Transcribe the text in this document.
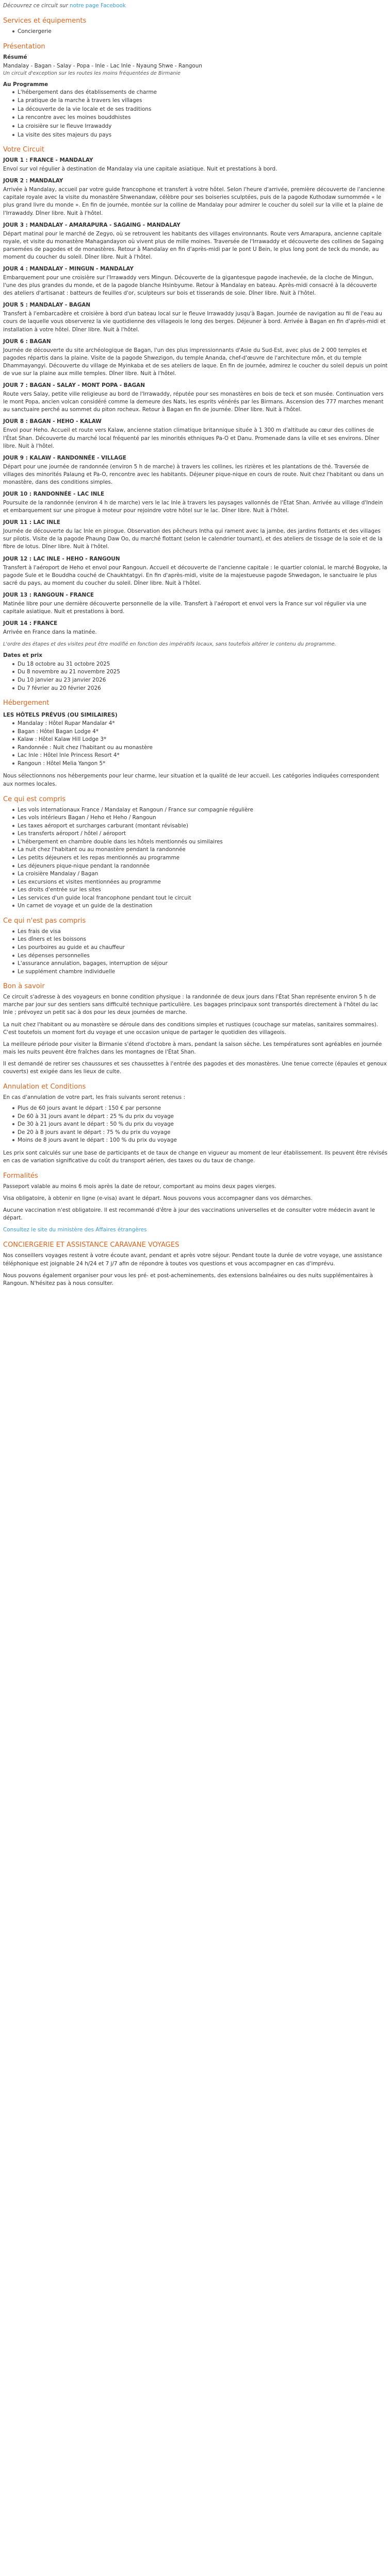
Découvrez ce circuit sur notre page Facebook

Services et équipements
Conciergerie
Présentation
Résumé
Mandalay - Bagan - Salay - Popa - Inle - Lac Inle - Nyaung Shwe - Rangoun
Un circuit d'exception sur les routes les moins fréquentées de Birmanie
Au Programme
L'hébergement dans des établissements de charme
La pratique de la marche à travers les villages
La découverte de la vie locale et de ses traditions
La rencontre avec les moines bouddhistes
La croisière sur le fleuve Irrawaddy
La visite des sites majeurs du pays
Votre Circuit
JOUR 1 : FRANCE - MANDALAY
Envol sur vol régulier à destination de Mandalay via une capitale asiatique. Nuit et prestations à bord.
JOUR 2 : MANDALAY
Arrivée à Mandalay, accueil par votre guide francophone et transfert à votre hôtel. Selon l'heure d'arrivée, première découverte de l'ancienne capitale royale avec la visite du monastère Shwenandaw, célèbre pour ses boiseries sculptées, puis de la pagode Kuthodaw surnommée « le plus grand livre du monde ». En fin de journée, montée sur la colline de Mandalay pour admirer le coucher du soleil sur la ville et la plaine de l'Irrawaddy. Dîner libre. Nuit à l'hôtel.
JOUR 3 : MANDALAY - AMARAPURA - SAGAING - MANDALAY
Départ matinal pour le marché de Zegyo, où se retrouvent les habitants des villages environnants. Route vers Amarapura, ancienne capitale royale, et visite du monastère Mahagandayon où vivent plus de mille moines. Traversée de l'Irrawaddy et découverte des collines de Sagaing parsemées de pagodes et de monastères. Retour à Mandalay en fin d'après-midi par le pont U Bein, le plus long pont de teck du monde, au moment du coucher du soleil. Dîner libre. Nuit à l'hôtel.
JOUR 4 : MANDALAY - MINGUN - MANDALAY
Embarquement pour une croisière sur l'Irrawaddy vers Mingun. Découverte de la gigantesque pagode inachevée, de la cloche de Mingun, l'une des plus grandes du monde, et de la pagode blanche Hsinbyume. Retour à Mandalay en bateau. Après-midi consacré à la découverte des ateliers d'artisanat : batteurs de feuilles d'or, sculpteurs sur bois et tisserands de soie. Dîner libre. Nuit à l'hôtel.
JOUR 5 : MANDALAY - BAGAN
Transfert à l'embarcadère et croisière à bord d'un bateau local sur le fleuve Irrawaddy jusqu'à Bagan. Journée de navigation au fil de l'eau au cours de laquelle vous observerez la vie quotidienne des villageois le long des berges. Déjeuner à bord. Arrivée à Bagan en fin d'après-midi et installation à votre hôtel. Dîner libre. Nuit à l'hôtel.
JOUR 6 : BAGAN
Journée de découverte du site archéologique de Bagan, l'un des plus impressionnants d'Asie du Sud-Est, avec plus de 2 000 temples et pagodes répartis dans la plaine. Visite de la pagode Shwezigon, du temple Ananda, chef-d'œuvre de l'architecture môn, et du temple Dhammayangyi. Découverte du village de Myinkaba et de ses ateliers de laque. En fin de journée, admirez le coucher du soleil depuis un point de vue sur la plaine aux mille temples. Dîner libre. Nuit à l'hôtel.
JOUR 7 : BAGAN - SALAY - MONT POPA - BAGAN
Route vers Salay, petite ville religieuse au bord de l'Irrawaddy, réputée pour ses monastères en bois de teck et son musée. Continuation vers le mont Popa, ancien volcan considéré comme la demeure des Nats, les esprits vénérés par les Birmans. Ascension des 777 marches menant au sanctuaire perché au sommet du piton rocheux. Retour à Bagan en fin de journée. Dîner libre. Nuit à l'hôtel.
JOUR 8 : BAGAN - HEHO - KALAW
Envol pour Heho. Accueil et route vers Kalaw, ancienne station climatique britannique située à 1 300 m d'altitude au cœur des collines de l'État Shan. Découverte du marché local fréquenté par les minorités ethniques Pa-O et Danu. Promenade dans la ville et ses environs. Dîner libre. Nuit à l'hôtel.
JOUR 9 : KALAW - RANDONNÉE - VILLAGE
Départ pour une journée de randonnée (environ 5 h de marche) à travers les collines, les rizières et les plantations de thé. Traversée de villages des minorités Palaung et Pa-O, rencontre avec les habitants. Déjeuner pique-nique en cours de route. Nuit chez l'habitant ou dans un monastère, dans des conditions simples.
JOUR 10 : RANDONNÉE - LAC INLE
Poursuite de la randonnée (environ 4 h de marche) vers le lac Inle à travers les paysages vallonnés de l'État Shan. Arrivée au village d'Indein et embarquement sur une pirogue à moteur pour rejoindre votre hôtel sur le lac. Dîner libre. Nuit à l'hôtel.
JOUR 11 : LAC INLE
Journée de découverte du lac Inle en pirogue. Observation des pêcheurs Intha qui rament avec la jambe, des jardins flottants et des villages sur pilotis. Visite de la pagode Phaung Daw Oo, du marché flottant (selon le calendrier tournant), et des ateliers de tissage de la soie et de la fibre de lotus. Dîner libre. Nuit à l'hôtel.
JOUR 12 : LAC INLE - HEHO - RANGOUN
Transfert à l'aéroport de Heho et envol pour Rangoun. Accueil et découverte de l'ancienne capitale : le quartier colonial, le marché Bogyoke, la pagode Sule et le Bouddha couché de Chaukhtatgyi. En fin d'après-midi, visite de la majestueuse pagode Shwedagon, le sanctuaire le plus sacré du pays, au moment du coucher du soleil. Dîner libre. Nuit à l'hôtel.
JOUR 13 : RANGOUN - FRANCE
Matinée libre pour une dernière découverte personnelle de la ville. Transfert à l'aéroport et envol vers la France sur vol régulier via une capitale asiatique. Nuit et prestations à bord.
JOUR 14 : FRANCE
Arrivée en France dans la matinée.

L'ordre des étapes et des visites peut être modifié en fonction des impératifs locaux, sans toutefois altérer le contenu du programme.

Dates et prix
Du 18 octobre au 31 octobre 2025
Du 8 novembre au 21 novembre 2025
Du 10 janvier au 23 janvier 2026
Du 7 février au 20 février 2026
Hébergement
LES HÔTELS PRÉVUS (OU SIMILAIRES)
Mandalay : Hôtel Rupar Mandalar 4*
Bagan : Hôtel Bagan Lodge 4*
Kalaw : Hôtel Kalaw Hill Lodge 3*
Randonnée : Nuit chez l'habitant ou au monastère
Lac Inle : Hôtel Inle Princess Resort 4*
Rangoun : Hôtel Melia Yangon 5*

Nous sélectionnons nos hébergements pour leur charme, leur situation et la qualité de leur accueil. Les catégories indiquées correspondent aux normes locales.

Ce qui est compris
Les vols internationaux France / Mandalay et Rangoun / France sur compagnie régulière
Les vols intérieurs Bagan / Heho et Heho / Rangoun
Les taxes aéroport et surcharges carburant (montant révisable)
Les transferts aéroport / hôtel / aéroport
L'hébergement en chambre double dans les hôtels mentionnés ou similaires
La nuit chez l'habitant ou au monastère pendant la randonnée
Les petits déjeuners et les repas mentionnés au programme
Les déjeuners pique-nique pendant la randonnée
La croisière Mandalay / Bagan
Les excursions et visites mentionnées au programme
Les droits d'entrée sur les sites
Les services d'un guide local francophone pendant tout le circuit
Un carnet de voyage et un guide de la destination
Ce qui n'est pas compris
Les frais de visa
Les dîners et les boissons
Les pourboires au guide et au chauffeur
Les dépenses personnelles
L'assurance annulation, bagages, interruption de séjour
Le supplément chambre individuelle
Bon à savoir

Ce circuit s'adresse à des voyageurs en bonne condition physique : la randonnée de deux jours dans l'État Shan représente environ 5 h de marche par jour sur des sentiers sans difficulté technique particulière. Les bagages principaux sont transportés directement à l'hôtel du lac Inle ; prévoyez un petit sac à dos pour les deux journées de marche.

La nuit chez l'habitant ou au monastère se déroule dans des conditions simples et rustiques (couchage sur matelas, sanitaires sommaires). C'est toutefois un moment fort du voyage et une occasion unique de partager le quotidien des villageois.

La meilleure période pour visiter la Birmanie s'étend d'octobre à mars, pendant la saison sèche. Les températures sont agréables en journée mais les nuits peuvent être fraîches dans les montagnes de l'État Shan.

Il est demandé de retirer ses chaussures et ses chaussettes à l'entrée des pagodes et des monastères. Une tenue correcte (épaules et genoux couverts) est exigée dans les lieux de culte.

Annulation et Conditions

En cas d'annulation de votre part, les frais suivants seront retenus :

Plus de 60 jours avant le départ : 150 € par personne
De 60 à 31 jours avant le départ : 25 % du prix du voyage
De 30 à 21 jours avant le départ : 50 % du prix du voyage
De 20 à 8 jours avant le départ : 75 % du prix du voyage
Moins de 8 jours avant le départ : 100 % du prix du voyage

Les prix sont calculés sur une base de participants et de taux de change en vigueur au moment de leur établissement. Ils peuvent être révisés en cas de variation significative du coût du transport aérien, des taxes ou du taux de change.

Formalités

Passeport valable au moins 6 mois après la date de retour, comportant au moins deux pages vierges.

Visa obligatoire, à obtenir en ligne (e-visa) avant le départ. Nous pouvons vous accompagner dans vos démarches.

Aucune vaccination n'est obligatoire. Il est recommandé d'être à jour des vaccinations universelles et de consulter votre médecin avant le départ.

Consultez le site du ministère des Affaires étrangères

CONCIERGERIE ET ASSISTANCE CARAVANE VOYAGES

Nos conseillers voyages restent à votre écoute avant, pendant et après votre séjour. Pendant toute la durée de votre voyage, une assistance téléphonique est joignable 24 h/24 et 7 j/7 afin de répondre à toutes vos questions et vous accompagner en cas d'imprévu.

Nous pouvons également organiser pour vous les pré- et post-acheminements, des extensions balnéaires ou des nuits supplémentaires à Rangoun. N'hésitez pas à nous consulter.
